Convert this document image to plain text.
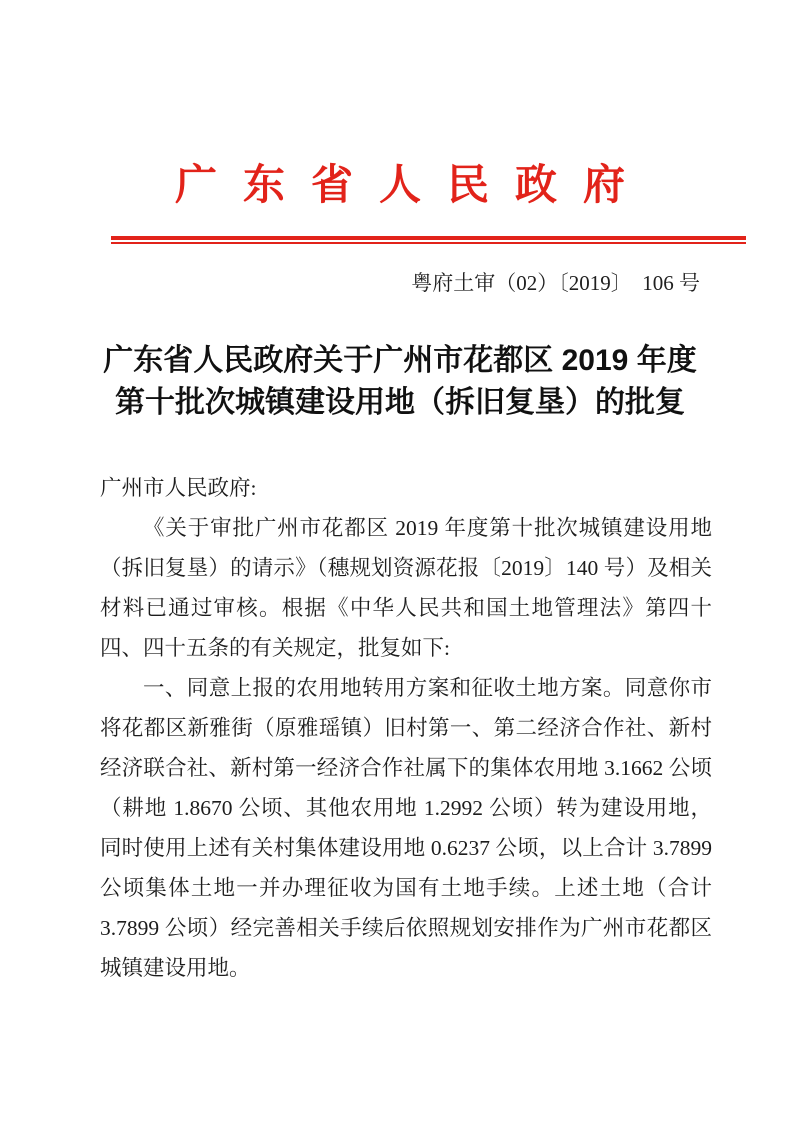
广东省人民政府
粤府土审（02）〔2019〕  106 号
广东省人民政府关于广州市花都区 2019 年度
第十批次城镇建设用地（拆旧复垦）的批复

广州市人民政府:

《关于审批广州市花都区 2019 年度第十批次城镇建设用地（拆旧复垦）的请示》（穗规划资源花报〔2019〕140 号）及相关材料已通过审核。根据《中华人民共和国土地管理法》第四十四、四十五条的有关规定，批复如下:

一、同意上报的农用地转用方案和征收土地方案。同意你市将花都区新雅街（原雅瑶镇）旧村第一、第二经济合作社、新村经济联合社、新村第一经济合作社属下的集体农用地 3.1662 公顷（耕地 1.8670 公顷、其他农用地 1.2992 公顷）转为建设用地，同时使用上述有关村集体建设用地 0.6237 公顷，以上合计 3.7899 公顷集体土地一并办理征收为国有土地手续。上述土地（合计 3.7899 公顷）经完善相关手续后依照规划安排作为广州市花都区城镇建设用地。
